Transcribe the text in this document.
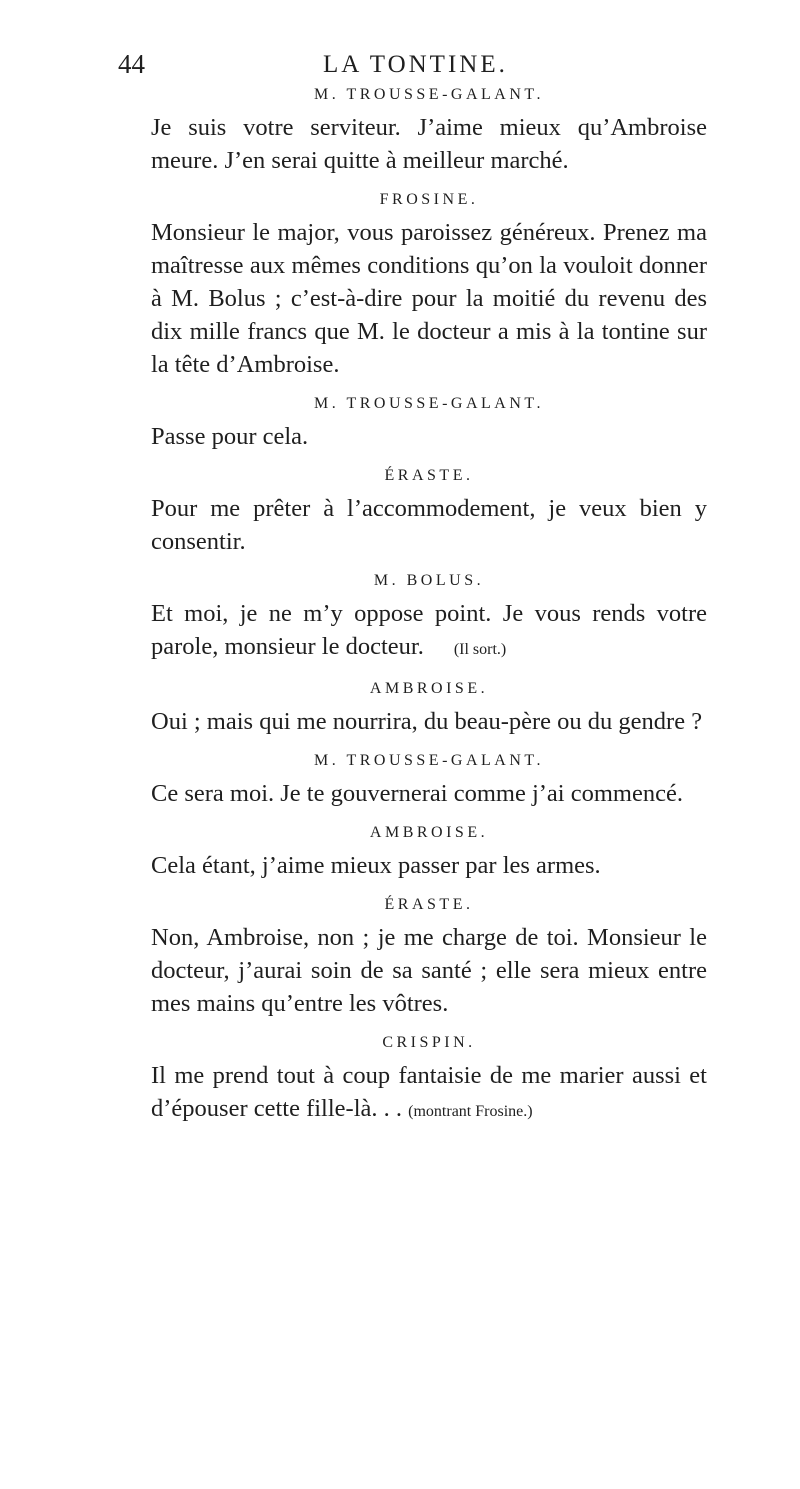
44	LA TONTINE.
M. TROUSSE-GALANT.

Je suis votre serviteur. J’aime mieux qu’Ambroise meure. J’en serai quitte à meilleur marché.

FROSINE.

Monsieur le major, vous paroissez généreux. Prenez ma maîtresse aux mêmes conditions qu’on la vouloit donner à M. Bolus ; c’est-à-dire pour la moitié du revenu des dix mille francs que M. le docteur a mis à la tontine sur la tête d’Ambroise.

M. TROUSSE-GALANT.

Passe pour cela.

ÉRASTE.

Pour me prêter à l’accommodement, je veux bien y consentir.

M. BOLUS.

Et moi, je ne m’y oppose point. Je vous rends votre parole, monsieur le docteur. (Il sort.)

AMBROISE.

Oui ; mais qui me nourrira, du beau-père ou du gendre ?

M. TROUSSE-GALANT.

Ce sera moi. Je te gouvernerai comme j’ai commencé.

AMBROISE.

Cela étant, j’aime mieux passer par les armes.

ÉRASTE.

Non, Ambroise, non ; je me charge de toi. Monsieur le docteur, j’aurai soin de sa santé ; elle sera mieux entre mes mains qu’entre les vôtres.

CRISPIN.

Il me prend tout à coup fantaisie de me marier aussi et d’épouser cette fille-là. . . (montrant Frosine.)
